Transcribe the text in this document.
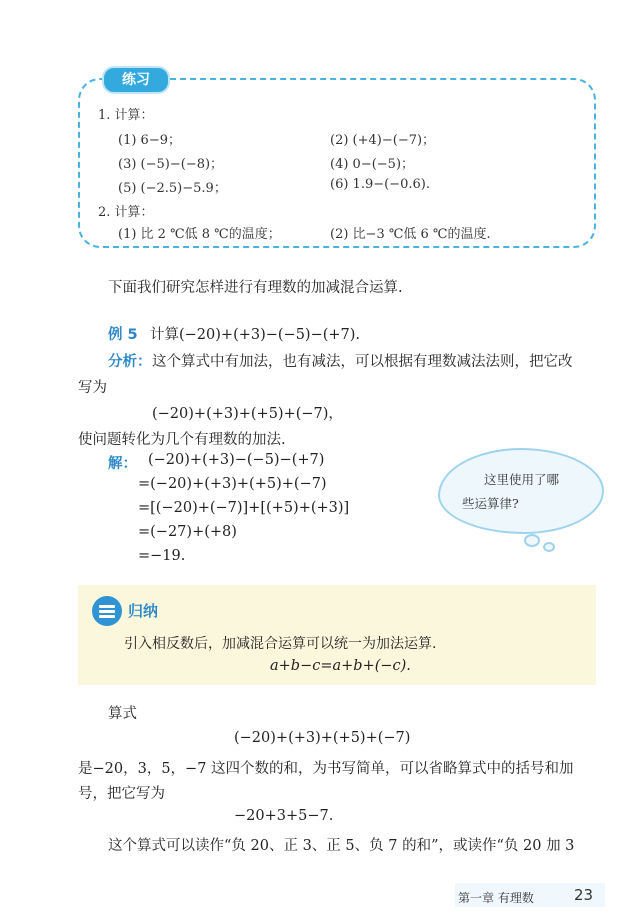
练习
1. 计算：
(1) 6−9；	(2) (+4)−(−7)；
(3) (−5)−(−8)；	(4) 0−(−5)；
(5) (−2.5)−5.9；	(6) 1.9−(−0.6).
2. 计算：
(1) 比 2 ℃低 8 ℃的温度；	(2) 比−3 ℃低 6 ℃的温度.
下面我们研究怎样进行有理数的加减混合运算.
例 5 计算(−20)+(+3)−(−5)−(+7).
分析： 这个算式中有加法，也有减法，可以根据有理数减法法则，把它改
写为
(−20)+(+3)+(+5)+(−7)，
使问题转化为几个有理数的加法.
解： (−20)+(+3)−(−5)−(+7)
=(−20)+(+3)+(+5)+(−7)
=[(−20)+(−7)]+[(+5)+(+3)]
=(−27)+(+8)
=−19.
这里使用了哪
些运算律?
归纳
引入相反数后，加减混合运算可以统一为加法运算.
a+b−c=a+b+(−c).
算式
(−20)+(+3)+(+5)+(−7)
是−20，3，5，−7 这四个数的和，为书写简单，可以省略算式中的括号和加
号，把它写为
−20+3+5−7.
这个算式可以读作“负 20、正 3、正 5、负 7 的和”，或读作“负 20 加 3
第一章 有理数	23
